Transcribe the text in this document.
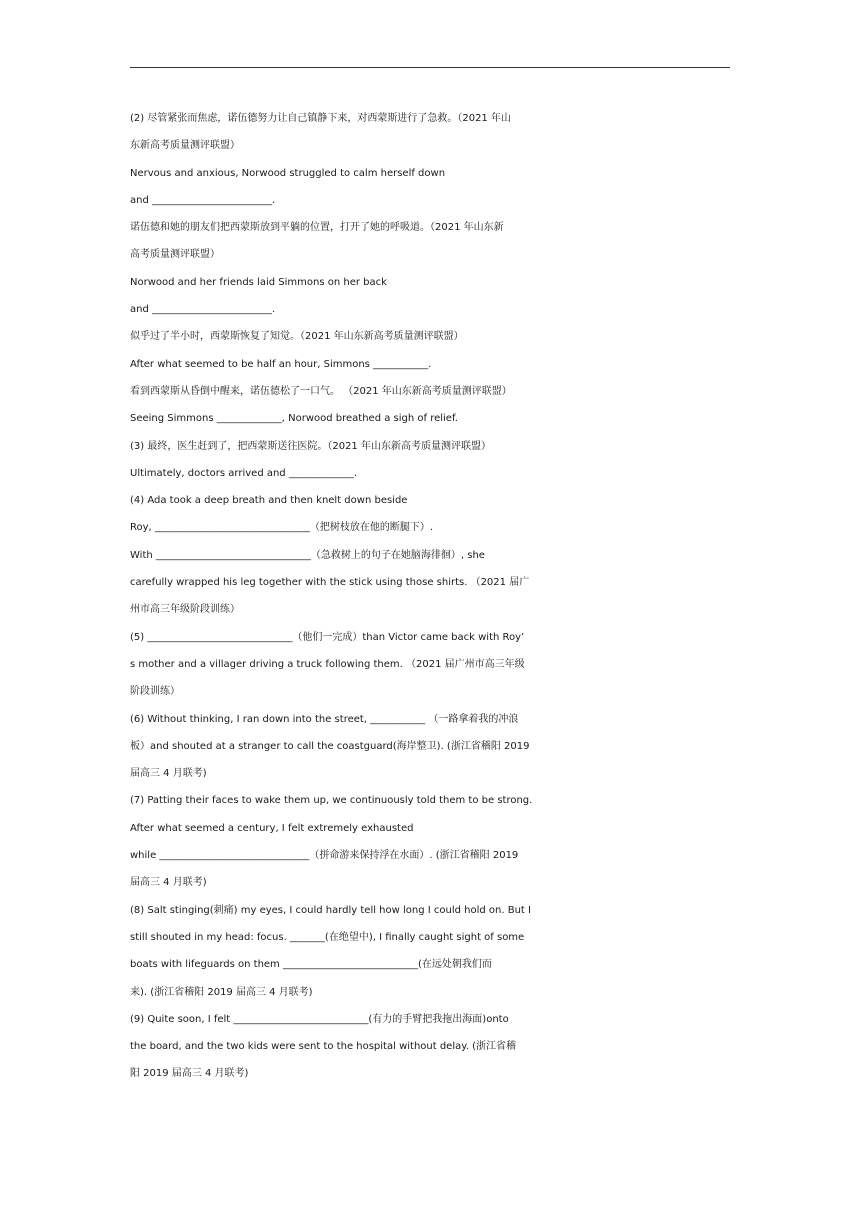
(2) 尽管紧张而焦虑，诺伍德努力让自己镇静下来，对西蒙斯进行了急救。（2021 年山
东新高考质量测评联盟）
Nervous and anxious, Norwood struggled to calm herself down
and ________________________.
诺伍德和她的朋友们把西蒙斯放到平躺的位置，打开了她的呼吸道。（2021 年山东新
高考质量测评联盟）
Norwood and her friends laid Simmons on her back
and ________________________.
似乎过了半小时，西蒙斯恢复了知觉。（2021 年山东新高考质量测评联盟）
After what seemed to be half an hour, Simmons ___________.
看到西蒙斯从昏倒中醒来，诺伍德松了一口气。 （2021 年山东新高考质量测评联盟）
Seeing Simmons _____________, Norwood breathed a sigh of relief.
(3) 最终，医生赶到了，把西蒙斯送往医院。（2021 年山东新高考质量测评联盟）
Ultimately, doctors arrived and _____________.
(4) Ada took a deep breath and then knelt down beside
Roy, _______________________________（把树枝放在他的断腿下）.
With _______________________________（急救树上的句子在她脑海徘徊）, she
carefully wrapped his leg together with the stick using those shirts. （2021 届广
州市高三年级阶段训练）
(5) _____________________________（他们一完成）than Victor came back with Roy’
s mother and a villager driving a truck following them. （2021 届广州市高三年级
阶段训练）
(6) Without thinking, I ran down into the street, ___________ （一路拿着我的冲浪
板）and shouted at a stranger to call the coastguard(海岸整卫). (浙江省稽阳 2019
届高三 4 月联考)
(7) Patting their faces to wake them up, we continuously told them to be strong.
After what seemed a century, I felt extremely exhausted
while ______________________________（拼命游来保持浮在水面）. (浙江省稽阳 2019
届高三 4 月联考)
(8) Salt stinging(刺痛) my eyes, I could hardly tell how long I could hold on. But I
still shouted in my head: focus. _______(在绝望中), I finally caught sight of some
boats with lifeguards on them ___________________________(在远处朝我们而
来). (浙江省稽阳 2019 届高三 4 月联考)
(9) Quite soon, I felt ___________________________(有力的手臂把我拖出海面)onto
the board, and the two kids were sent to the hospital without delay. (浙江省稽
阳 2019 届高三 4 月联考)
